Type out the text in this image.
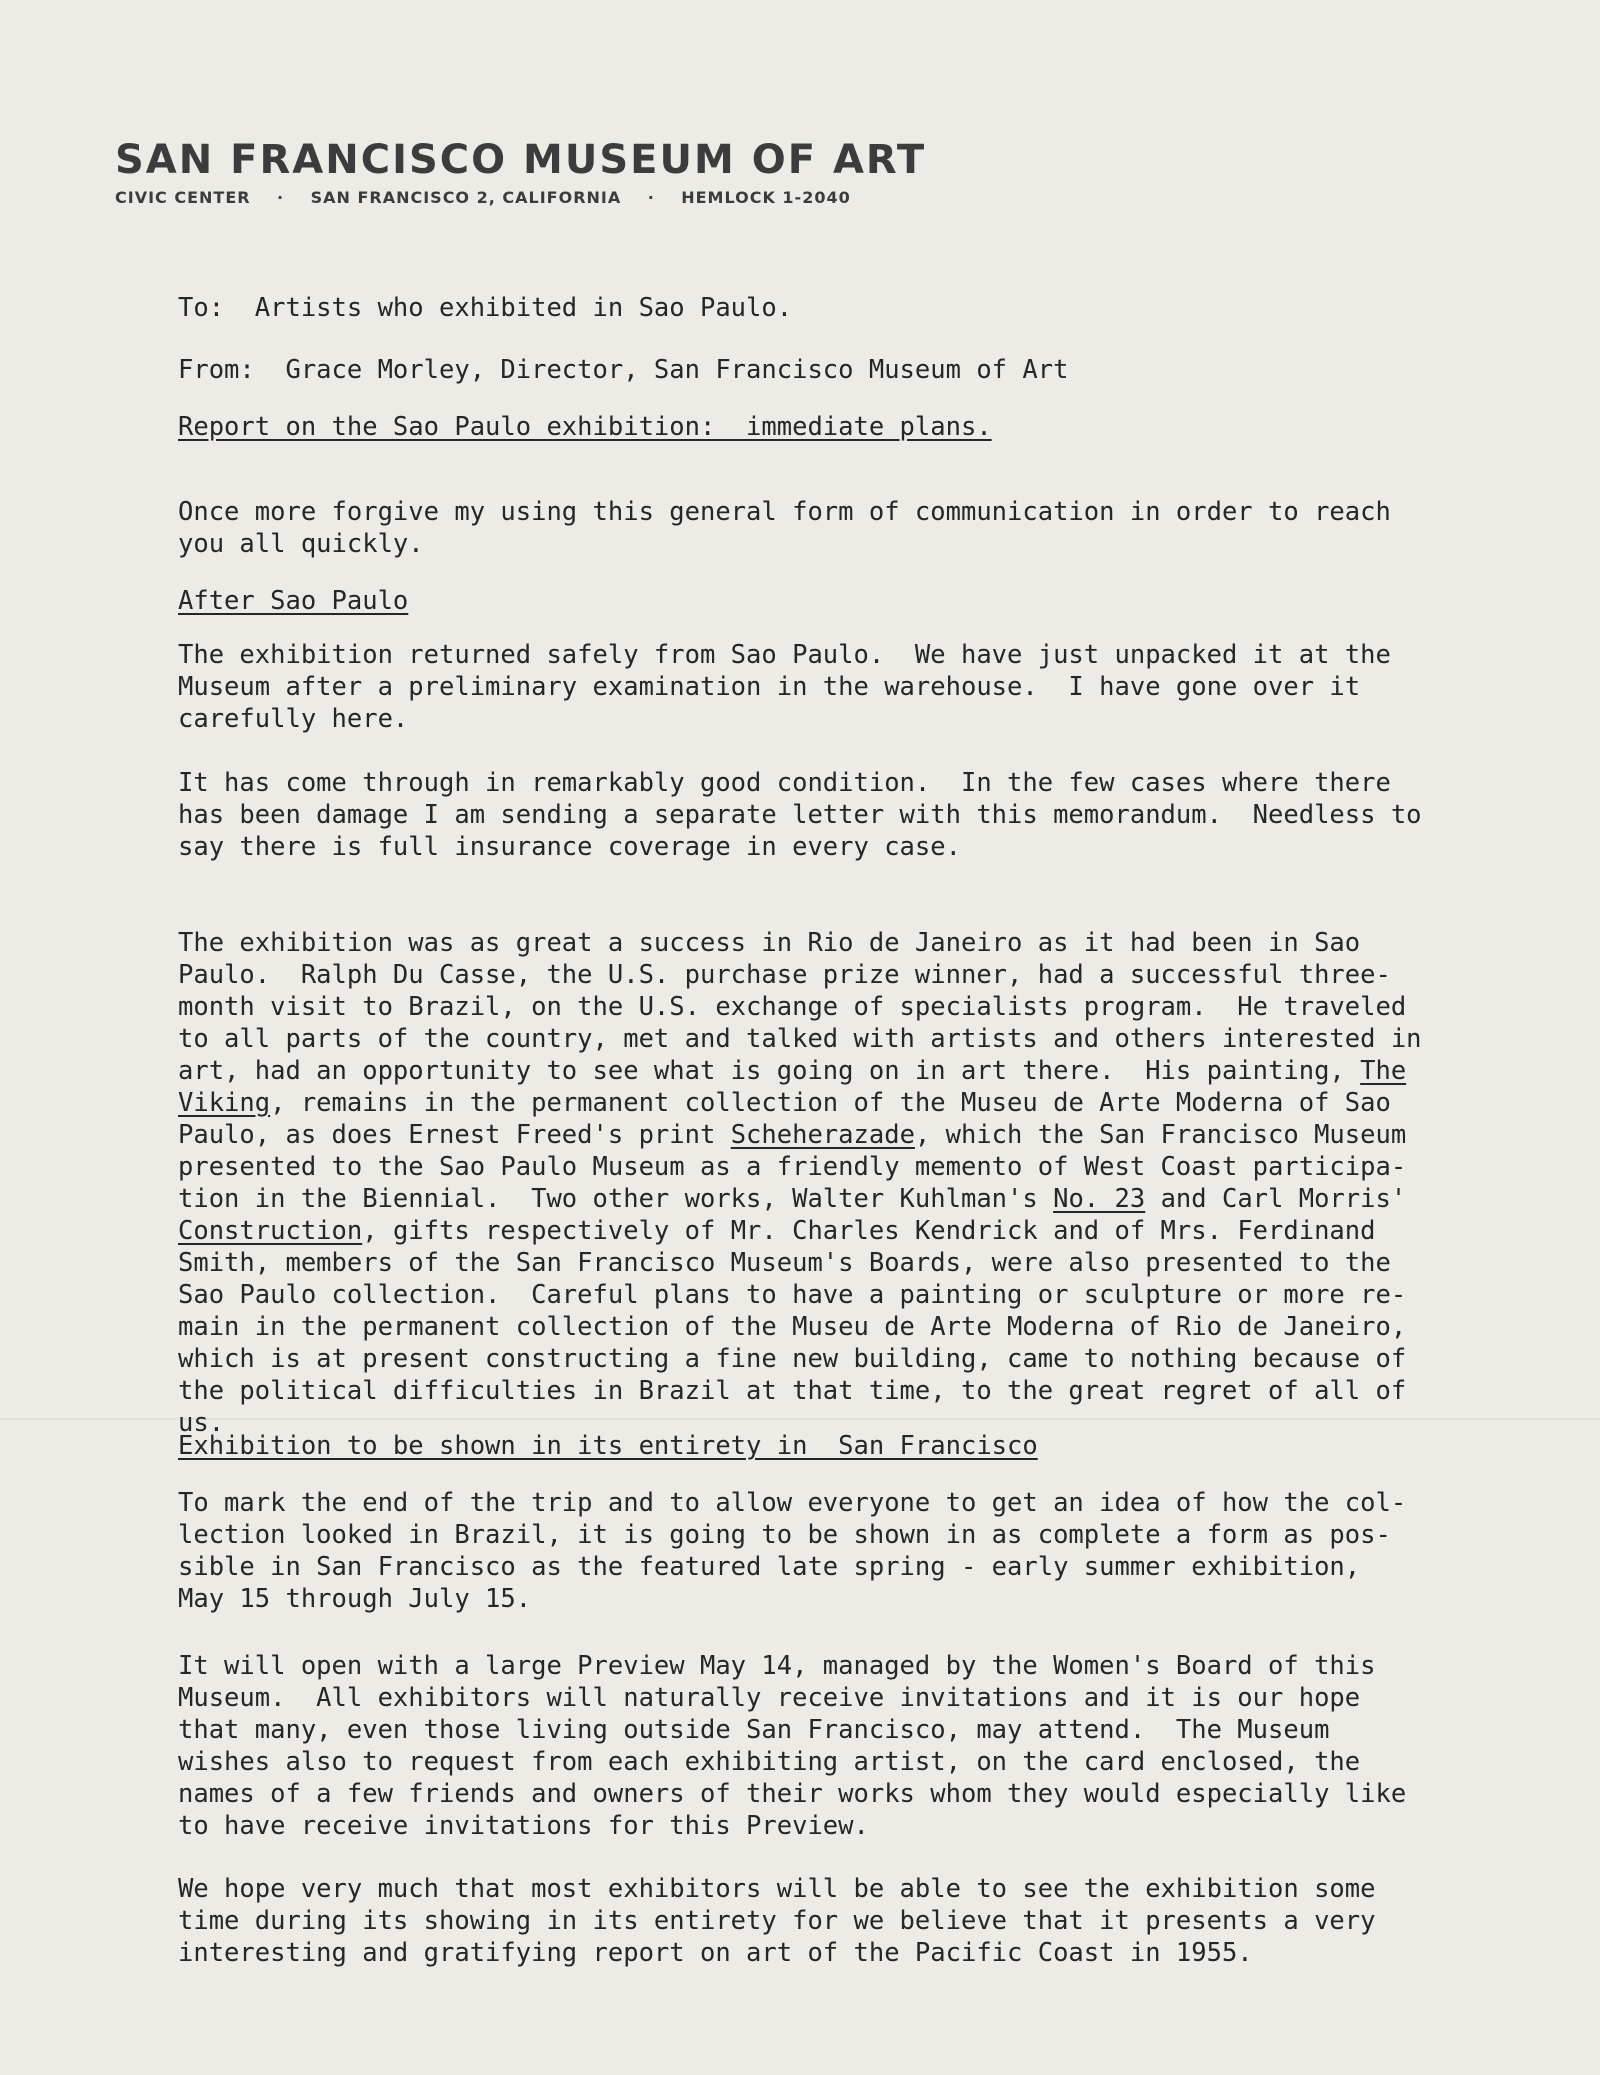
SAN FRANCISCO MUSEUM OF ART
CIVIC CENTER · SAN FRANCISCO 2, CALIFORNIA · HEMLOCK 1-2040
To:  Artists who exhibited in Sao Paulo.
From:  Grace Morley, Director, San Francisco Museum of Art
Report on the Sao Paulo exhibition:  immediate plans.
Once more forgive my using this general form of communication in order to reach
you all quickly.
After Sao Paulo
The exhibition returned safely from Sao Paulo.  We have just unpacked it at the
Museum after a preliminary examination in the warehouse.  I have gone over it
carefully here.
It has come through in remarkably good condition.  In the few cases where there
has been damage I am sending a separate letter with this memorandum.  Needless to
say there is full insurance coverage in every case.

The exhibition was as great a success in Rio de Janeiro as it had been in Sao
Paulo.  Ralph Du Casse, the U.S. purchase prize winner, had a successful three-
month visit to Brazil, on the U.S. exchange of specialists program.  He traveled
to all parts of the country, met and talked with artists and others interested in
art, had an opportunity to see what is going on in art there.  His painting, The
Viking, remains in the permanent collection of the Museu de Arte Moderna of Sao
Paulo, as does Ernest Freed's print Scheherazade, which the San Francisco Museum
presented to the Sao Paulo Museum as a friendly memento of West Coast participa-
tion in the Biennial.  Two other works, Walter Kuhlman's No. 23 and Carl Morris'
Construction, gifts respectively of Mr. Charles Kendrick and of Mrs. Ferdinand
Smith, members of the San Francisco Museum's Boards, were also presented to the
Sao Paulo collection.  Careful plans to have a painting or sculpture or more re-
main in the permanent collection of the Museu de Arte Moderna of Rio de Janeiro,
which is at present constructing a fine new building, came to nothing because of
the political difficulties in Brazil at that time, to the great regret of all of
us.
Exhibition to be shown in its entirety in  San Francisco
To mark the end of the trip and to allow everyone to get an idea of how the col-
lection looked in Brazil, it is going to be shown in as complete a form as pos-
sible in San Francisco as the featured late spring - early summer exhibition,
May 15 through July 15.
It will open with a large Preview May 14, managed by the Women's Board of this
Museum.  All exhibitors will naturally receive invitations and it is our hope
that many, even those living outside San Francisco, may attend.  The Museum
wishes also to request from each exhibiting artist, on the card enclosed, the
names of a few friends and owners of their works whom they would especially like
to have receive invitations for this Preview.
We hope very much that most exhibitors will be able to see the exhibition some
time during its showing in its entirety for we believe that it presents a very
interesting and gratifying report on art of the Pacific Coast in 1955.
